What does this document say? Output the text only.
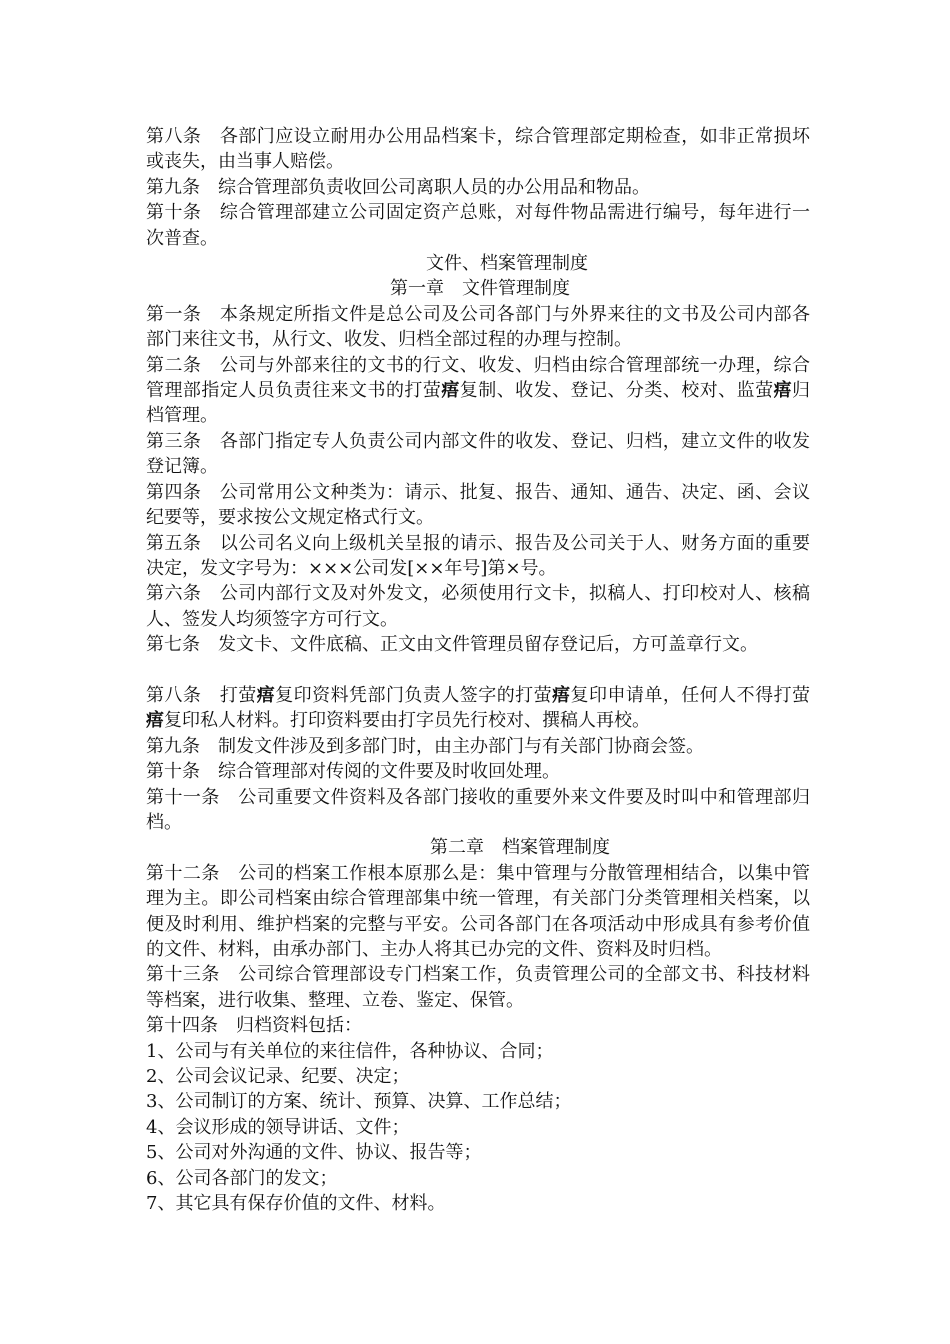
第八条　各部门应设立耐用办公用品档案卡，综合管理部定期检查，如非正常损坏或丧失，由当事人赔偿。

第九条　综合管理部负责收回公司离职人员的办公用品和物品。

第十条　综合管理部建立公司固定资产总账，对每件物品需进行编号，每年进行一次普查。

文件、档案管理制度

第一章　文件管理制度

第一条　本条规定所指文件是总公司及公司各部门与外界来往的文书及公司内部各部门来往文书，从行文、收发、归档全部过程的办理与控制。

第二条　公司与外部来往的文书的行文、收发、归档由综合管理部统一办理，综合管理部指定人员负责往来文书的打萤痦复制、收发、登记、分类、校对、监萤痦归档管理。

第三条　各部门指定专人负责公司内部文件的收发、登记、归档，建立文件的收发登记簿。

第四条　公司常用公文种类为：请示、批复、报告、通知、通告、决定、函、会议纪要等，要求按公文规定格式行文。

第五条　以公司名义向上级机关呈报的请示、报告及公司关于人、财务方面的重要决定，发文字号为：×××公司发[××年号]第×号。

第六条　公司内部行文及对外发文，必须使用行文卡，拟稿人、打印校对人、核稿人、签发人均须签字方可行文。

第七条　发文卡、文件底稿、正文由文件管理员留存登记后，方可盖章行文。

第八条　打萤痦复印资料凭部门负责人签字的打萤痦复印申请单，任何人不得打萤痦复印私人材料。打印资料要由打字员先行校对、撰稿人再校。

第九条　制发文件涉及到多部门时，由主办部门与有关部门协商会签。

第十条　综合管理部对传阅的文件要及时收回处理。

第十一条　公司重要文件资料及各部门接收的重要外来文件要及时叫中和管理部归档。

第二章　档案管理制度

第十二条　公司的档案工作根本原那么是：集中管理与分散管理相结合，以集中管理为主。即公司档案由综合管理部集中统一管理，有关部门分类管理相关档案，以便及时利用、维护档案的完整与平安。公司各部门在各项活动中形成具有参考价值的文件、材料，由承办部门、主办人将其已办完的文件、资料及时归档。

第十三条　公司综合管理部设专门档案工作，负责管理公司的全部文书、科技材料等档案，进行收集、整理、立卷、鉴定、保管。

第十四条　归档资料包括：

1、公司与有关单位的来往信件，各种协议、合同；

2、公司会议记录、纪要、决定；

3、公司制订的方案、统计、预算、决算、工作总结；

4、会议形成的领导讲话、文件；

5、公司对外沟通的文件、协议、报告等；

6、公司各部门的发文；

7、其它具有保存价值的文件、材料。
